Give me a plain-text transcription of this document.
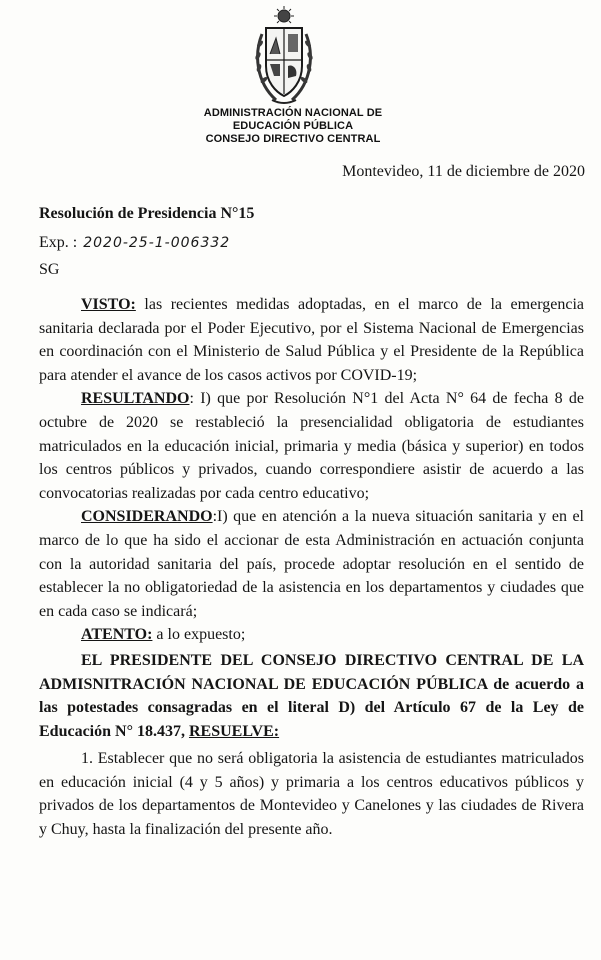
ADMINISTRACIÓN NACIONAL DE
EDUCACIÓN PÚBLICA
CONSEJO DIRECTIVO CENTRAL
Montevideo, 11 de diciembre de 2020
Resolución de Presidencia N°15
Exp. : 2020-25-1-006332
SG

VISTO: las recientes medidas adoptadas, en el marco de la emergencia sanitaria declarada por el Poder Ejecutivo, por el Sistema Nacional de Emergencias en coordinación con el Ministerio de Salud Pública y el Presidente de la República para atender el avance de los casos activos por COVID-19;

RESULTANDO: I) que por Resolución N°1 del Acta N° 64 de fecha 8 de octubre de 2020 se restableció la presencialidad obligatoria de estudiantes matriculados en la educación inicial, primaria y media (básica y superior) en todos los centros públicos y privados, cuando correspondiere asistir de acuerdo a las convocatorias realizadas por cada centro educativo;

CONSIDERANDO:I) que en atención a la nueva situación sanitaria y en el marco de lo que ha sido el accionar de esta Administración en actuación conjunta con la autoridad sanitaria del país, procede adoptar resolución en el sentido de establecer la no obligatoriedad de la asistencia en los departamentos y ciudades que en cada caso se indicará;

ATENTO: a lo expuesto;

EL PRESIDENTE DEL CONSEJO DIRECTIVO CENTRAL DE LA ADMISNITRACIÓN NACIONAL DE EDUCACIÓN PÚBLICA de acuerdo a las potestades consagradas en el literal D) del Artículo 67 de la Ley de Educación N° 18.437, RESUELVE:

1. Establecer que no será obligatoria la asistencia de estudiantes matriculados en educación inicial (4 y 5 años) y primaria a los centros educativos públicos y privados de los departamentos de Montevideo y Canelones y las ciudades de Rivera y Chuy, hasta la finalización del presente año.
